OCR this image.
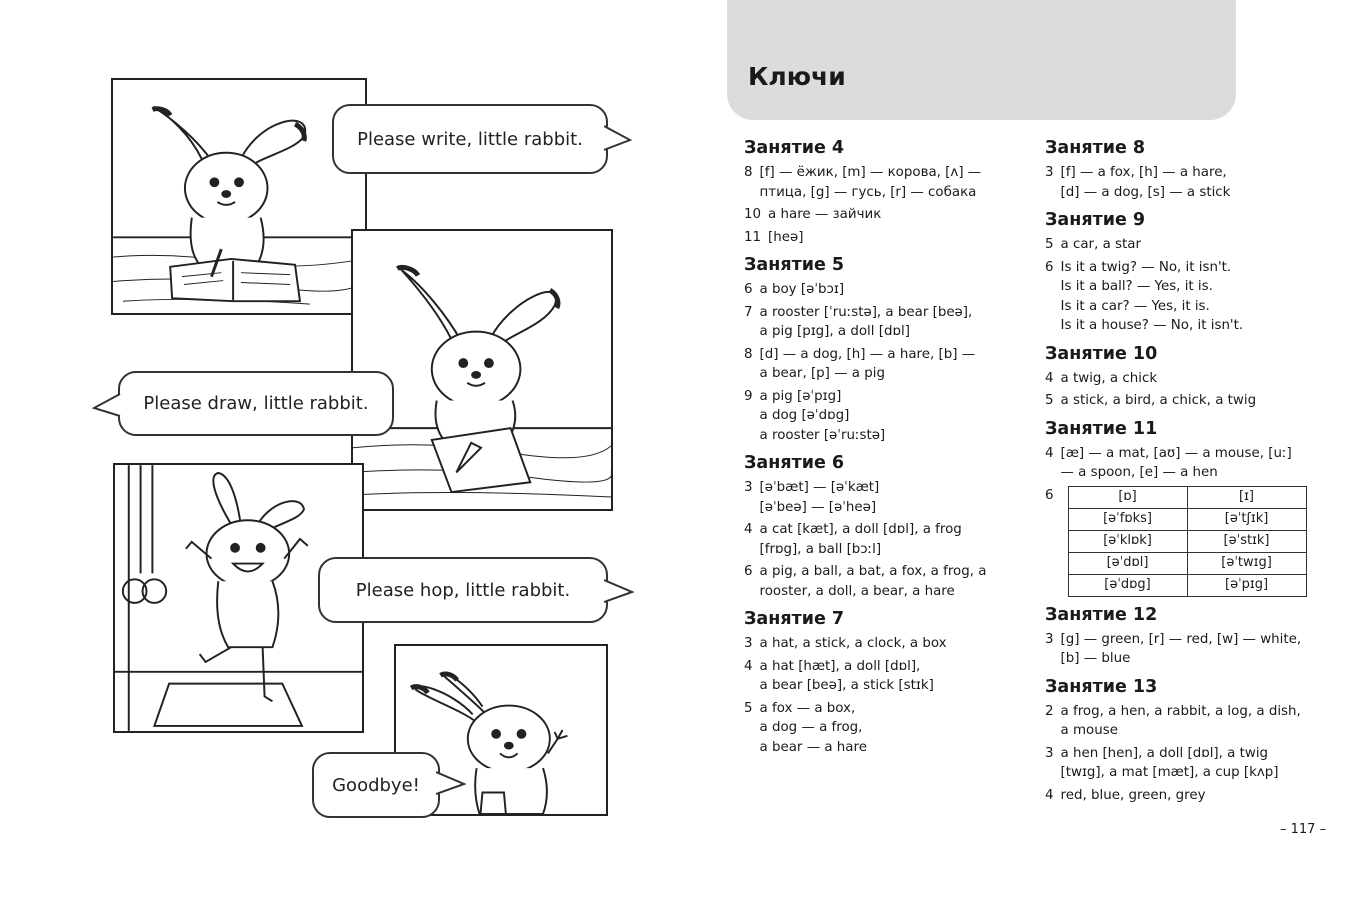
Please write, little rabbit.
Please draw, little rabbit.
Please hop, little rabbit.
Goodbye!
Ключи
Занятие 4
8 [f] — ёжик, [m] — корова, [ʌ] —
птица, [g] — гусь, [r] — собака
10 a hare — зайчик
11 [heə]
Занятие 5
6 a boy [əˈbɔɪ]
7 a rooster [ˈruːstə], a bear [beə],
a pig [pɪg], a doll [dɒl]
8 [d] — a dog, [h] — a hare, [b] —
a bear, [p] — a pig
9 a pig [əˈpɪg]
a dog [əˈdɒg]
a rooster [əˈruːstə]
Занятие 6
3 [əˈbæt] — [əˈkæt]
[əˈbeə] — [əˈheə]
4 a cat [kæt], a doll [dɒl], a frog
[frɒg], a ball [bɔːl]
6 a pig, a ball, a bat, a fox, a frog, a
rooster, a doll, a bear, a hare
Занятие 7
3 a hat, a stick, a clock, a box
4 a hat [hæt], a doll [dɒl],
a bear [beə], a stick [stɪk]
5 a fox — a box,
a dog — a frog,
a bear — a hare
Занятие 8
3 [f] — a fox, [h] — a hare,
[d] — a dog, [s] — a stick
Занятие 9
5 a car, a star
6 Is it a twig? — No, it isn't.
Is it a ball? — Yes, it is.
Is it a car? — Yes, it is.
Is it a house? — No, it isn't.
Занятие 10
4 a twig, a chick
5 a stick, a bird, a chick, a twig
Занятие 11
4 [æ] — a mat, [aʊ] — a mouse, [uː]
— a spoon, [e] — a hen
6	[ɒ]	[ɪ]
[əˈfɒks]	[əˈtʃɪk]
[əˈklɒk]	[əˈstɪk]
[əˈdɒl]	[əˈtwɪg]
[əˈdɒg]	[əˈpɪg]
Занятие 12
3 [g] — green, [r] — red, [w] — white,
[b] — blue
Занятие 13
2 a frog, a hen, a rabbit, a log, a dish,
a mouse
3 a hen [hen], a doll [dɒl], a twig
[twɪg], a mat [mæt], a cup [kʌp]
4 red, blue, green, grey
– 117 –
